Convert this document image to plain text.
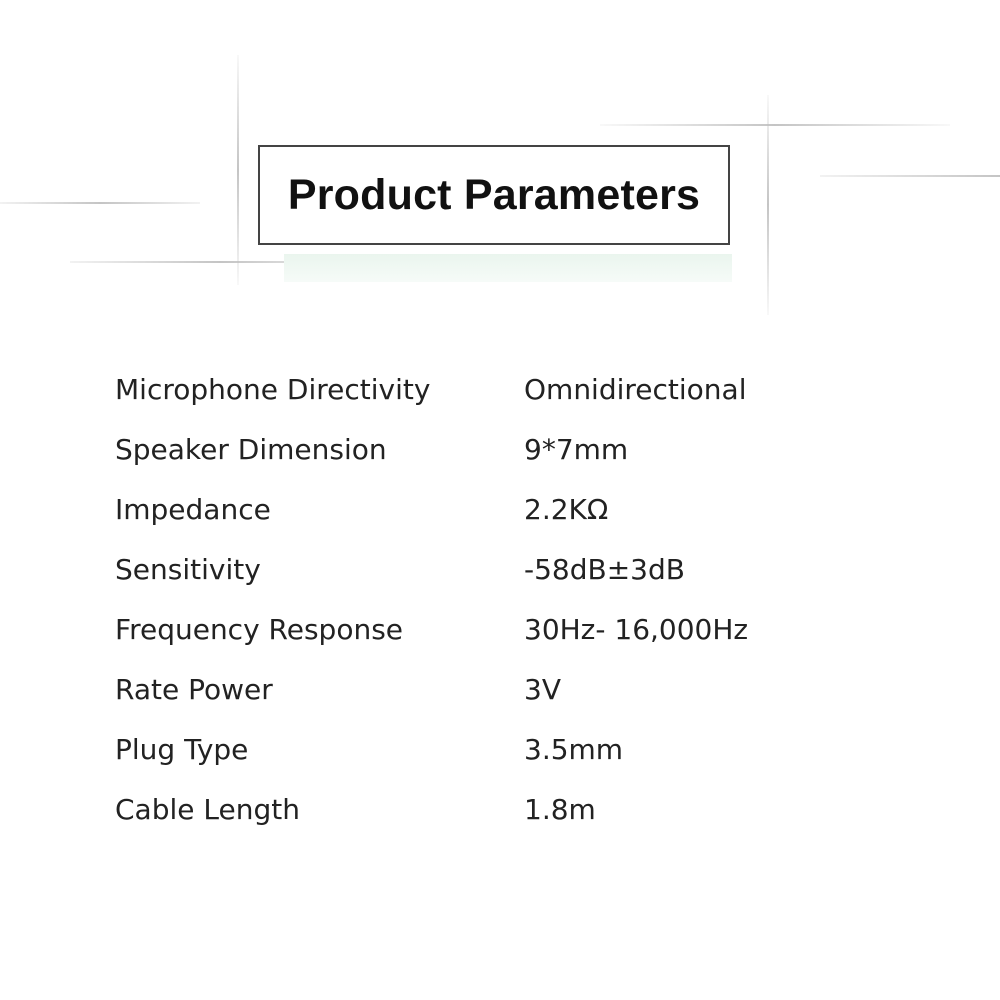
Product Parameters
Microphone Directivity	Omnidirectional
Speaker Dimension	9*7mm
Impedance	2.2KΩ
Sensitivity	-58dB±3dB
Frequency Response	30Hz- 16,000Hz
Rate Power	3V
Plug Type	3.5mm
Cable Length	1.8m
